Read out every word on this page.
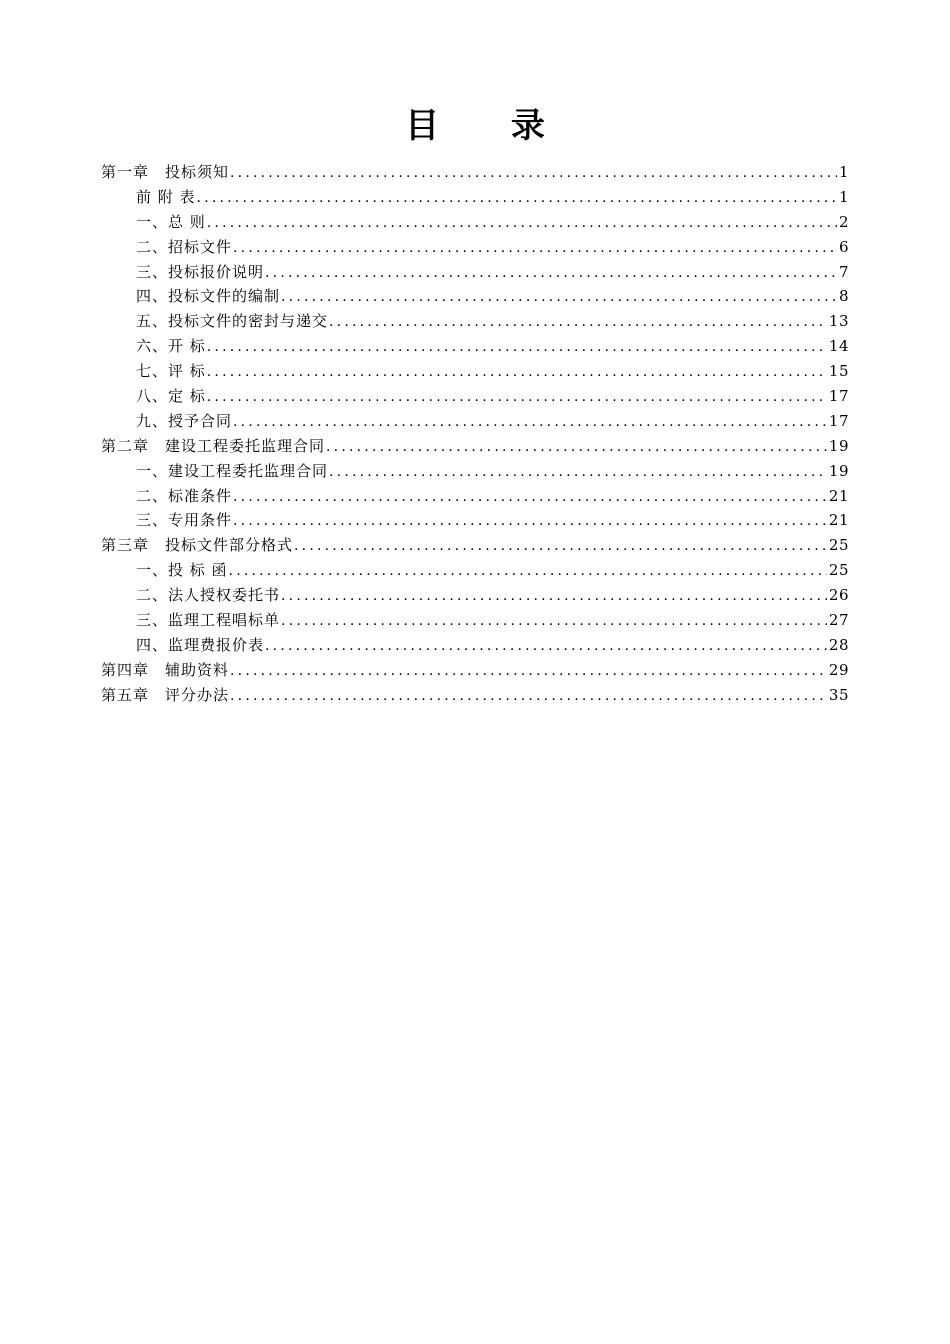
目 录
第一章　投标须知 .....	1
前 附 表 .....	1
一、总 则 .....	2
二、招标文件 .....	6
三、投标报价说明 .....	7
四、投标文件的编制 .....	8
五、投标文件的密封与递交 .....	13
六、开 标 .....	14
七、评 标 .....	15
八、定 标 .....	17
九、授予合同 .....	17
第二章　建设工程委托监理合同 .....	19
一、建设工程委托监理合同 .....	19
二、标准条件 .....	21
三、专用条件 .....	21
第三章　投标文件部分格式 .....	25
一、投 标 函 .....	25
二、法人授权委托书 .....	26
三、监理工程唱标单 .....	27
四、监理费报价表 .....	28
第四章　辅助资料 .....	29
第五章　评分办法 .....	35
